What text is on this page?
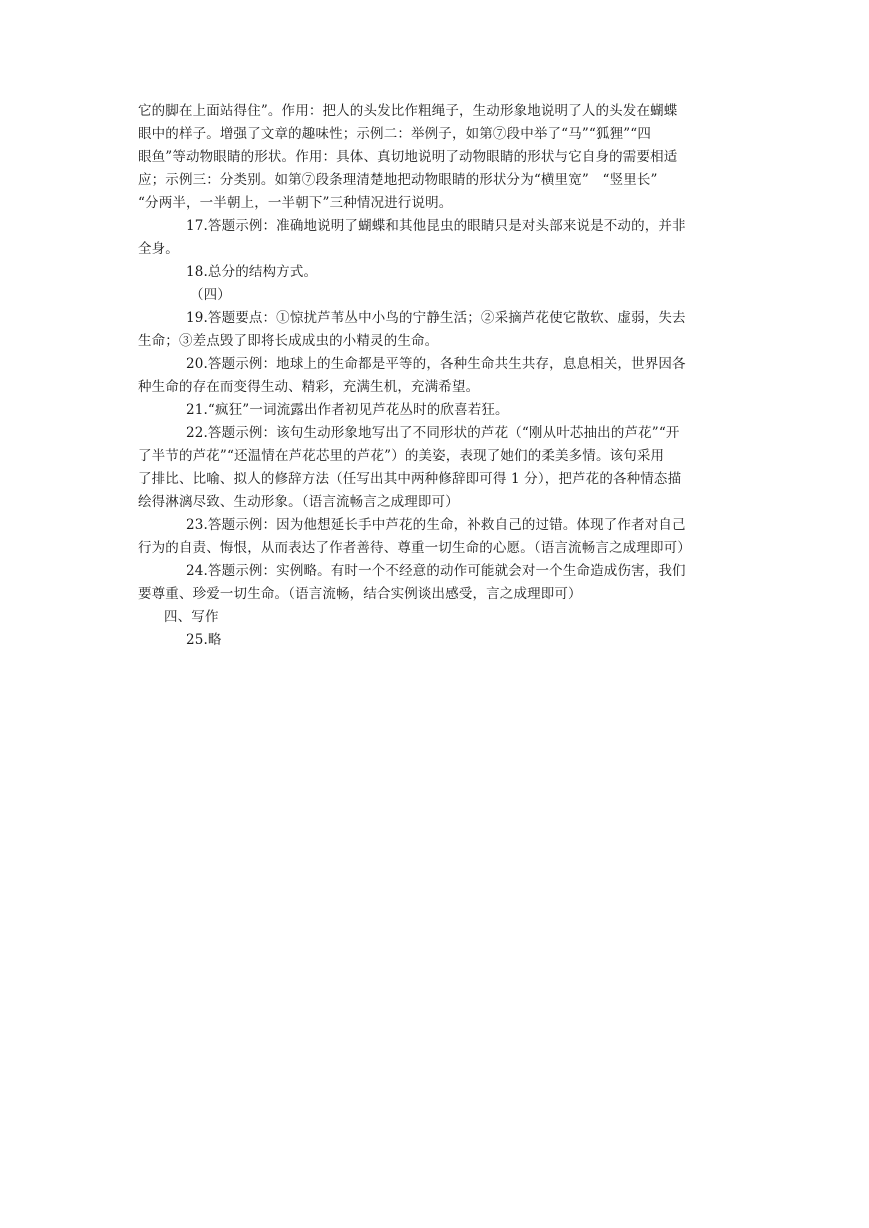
它的脚在上面站得住”。作用：把人的头发比作粗绳子，生动形象地说明了人的头发在蝴蝶
眼中的样子。增强了文章的趣味性；示例二：举例子，如第⑦段中举了“马”“狐狸”“四
眼鱼”等动物眼睛的形状。作用：具体、真切地说明了动物眼睛的形状与它自身的需要相适
应；示例三：分类别。如第⑦段条理清楚地把动物眼睛的形状分为“横里宽”　“竖里长”
“分两半，一半朝上，一半朝下”三种情况进行说明。
17.答题示例：准确地说明了蝴蝶和其他昆虫的眼睛只是对头部来说是不动的，并非
全身。
18.总分的结构方式。
（四）
19.答题要点：①惊扰芦苇丛中小鸟的宁静生活；②采摘芦花使它散软、虚弱，失去
生命；③差点毁了即将长成成虫的小精灵的生命。
20.答题示例：地球上的生命都是平等的，各种生命共生共存，息息相关，世界因各
种生命的存在而变得生动、精彩，充满生机，充满希望。
21.“疯狂”一词流露出作者初见芦花丛时的欣喜若狂。
22.答题示例：该句生动形象地写出了不同形状的芦花（“刚从叶芯抽出的芦花”“开
了半节的芦花”“还温情在芦花芯里的芦花”）的美姿，表现了她们的柔美多情。该句采用
了排比、比喻、拟人的修辞方法（任写出其中两种修辞即可得 1 分），把芦花的各种情态描
绘得淋漓尽致、生动形象。（语言流畅言之成理即可）
23.答题示例：因为他想延长手中芦花的生命，补救自己的过错。体现了作者对自己
行为的自责、悔恨，从而表达了作者善待、尊重一切生命的心愿。（语言流畅言之成理即可）
24.答题示例：实例略。有时一个不经意的动作可能就会对一个生命造成伤害，我们
要尊重、珍爱一切生命。（语言流畅，结合实例谈出感受，言之成理即可）
四、写作
25.略
